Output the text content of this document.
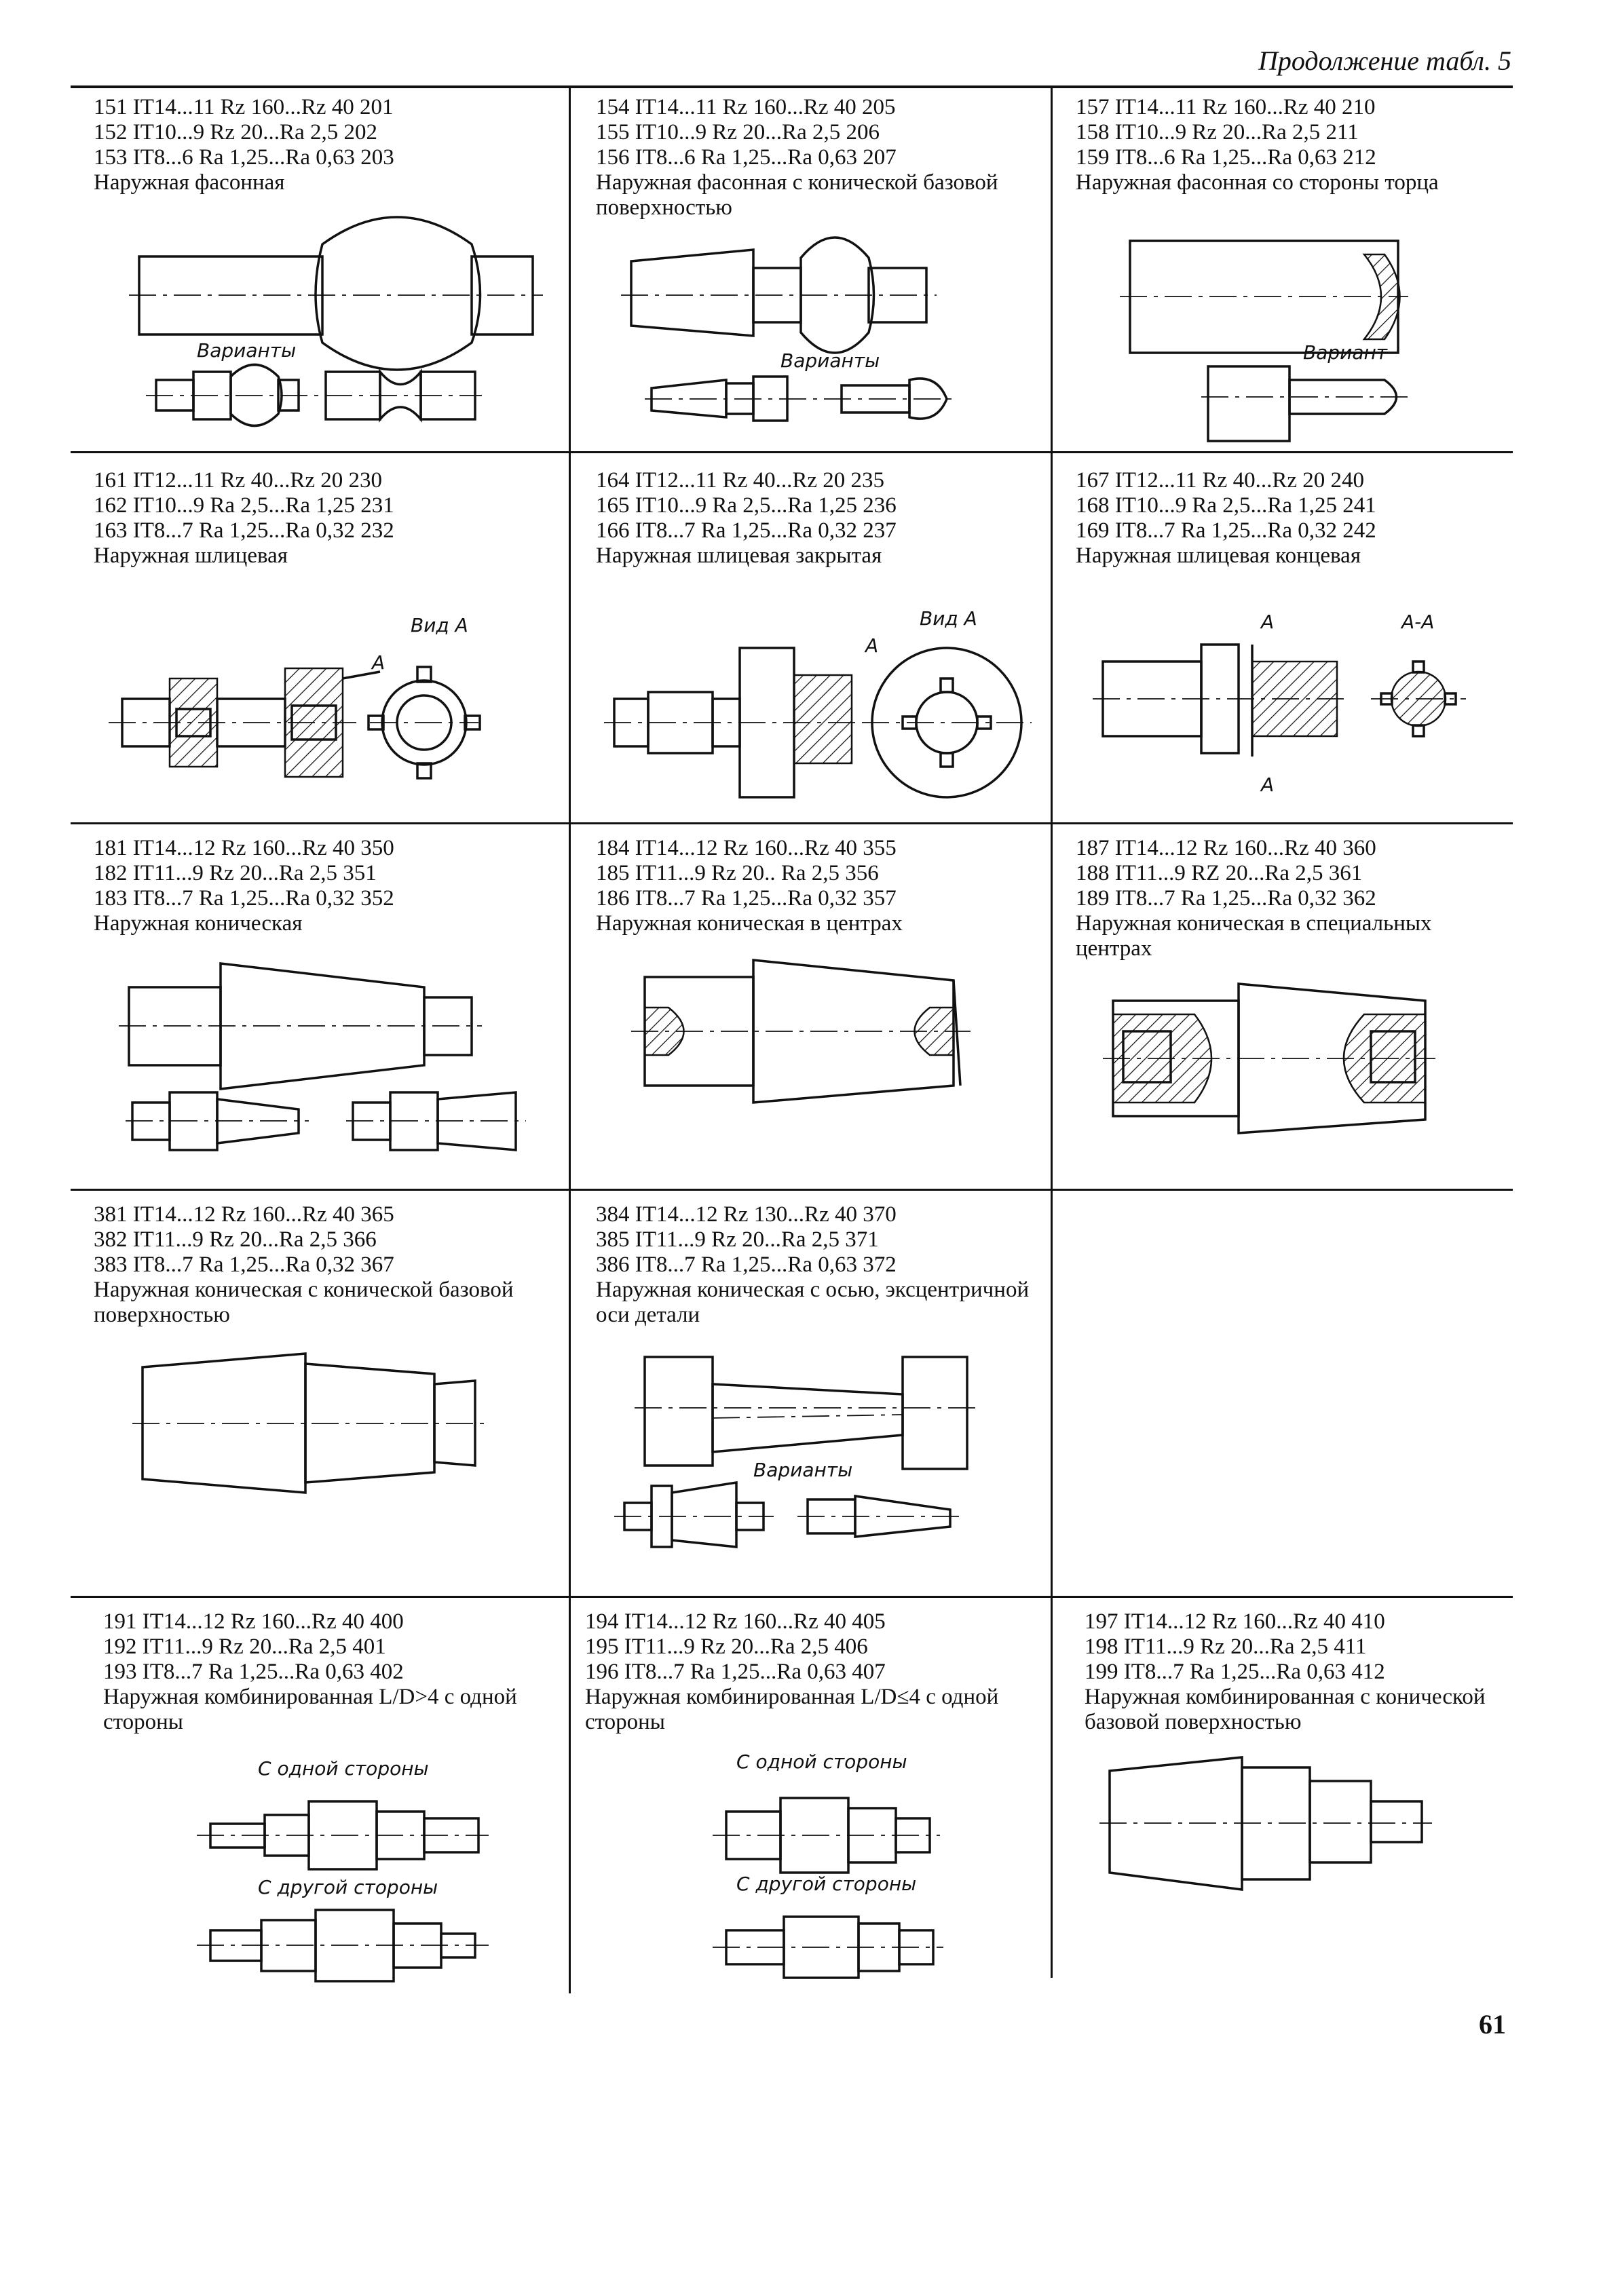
Продолжение табл. 5
151 IT14...11 Rz 160...Rz 40 201
152 IT10...9 Rz 20...Ra 2,5 202
153 IT8...6 Ra 1,25...Ra 0,63 203
Наружная фасонная
Варианты
154 IT14...11 Rz 160...Rz 40 205
155 IT10...9 Rz 20...Ra 2,5 206
156 IT8...6 Ra 1,25...Ra 0,63 207
Наружная фасонная с конической базовой поверхностью
Варианты
157 IT14...11 Rz 160...Rz 40 210
158 IT10...9 Rz 20...Ra 2,5 211
159 IT8...6 Ra 1,25...Ra 0,63 212
Наружная фасонная со стороны торца
Вариант
161 IT12...11 Rz 40...Rz 20 230
162 IT10...9 Ra 2,5...Ra 1,25 231
163 IT8...7 Ra 1,25...Ra 0,32 232
Наружная шлицевая
Вид А
А
164 IT12...11 Rz 40...Rz 20 235
165 IT10...9 Ra 2,5...Ra 1,25 236
166 IT8...7 Ra 1,25...Ra 0,32 237
Наружная шлицевая закрытая
Вид А
А
167 IT12...11 Rz 40...Rz 20 240
168 IT10...9 Ra 2,5...Ra 1,25 241
169 IT8...7 Ra 1,25...Ra 0,32 242
Наружная шлицевая концевая
А	А-А
А
181 IT14...12 Rz 160...Rz 40 350
182 IT11...9 Rz 20...Ra 2,5 351
183 IT8...7 Ra 1,25...Ra 0,32 352
Наружная коническая
184 IT14...12 Rz 160...Rz 40 355
185 IT11...9 Rz 20.. Ra 2,5 356
186 IT8...7 Ra 1,25...Ra 0,32 357
Наружная коническая в центрах
187 IT14...12 Rz 160...Rz 40 360
188 IT11...9 RZ 20...Ra 2,5 361
189 IT8...7 Ra 1,25...Ra 0,32 362
Наружная коническая в специальных центрах
381 IT14...12 Rz 160...Rz 40 365
382 IT11...9 Rz 20...Ra 2,5 366
383 IT8...7 Ra 1,25...Ra 0,32 367
Наружная коническая с конической базовой поверхностью
384 IT14...12 Rz 130...Rz 40 370
385 IT11...9 Rz 20...Ra 2,5 371
386 IT8...7 Ra 1,25...Ra 0,63 372
Наружная коническая с осью, эксцентричной оси детали
Варианты
191 IT14...12 Rz 160...Rz 40 400
192 IT11...9 Rz 20...Ra 2,5 401
193 IT8...7 Ra 1,25...Ra 0,63 402
Наружная комбинированная L/D>4 с одной стороны
С одной стороны
С другой стороны
194 IT14...12 Rz 160...Rz 40 405
195 IT11...9 Rz 20...Ra 2,5 406
196 IT8...7 Ra 1,25...Ra 0,63 407
Наружная комбинированная L/D≤4 с одной стороны
С одной стороны
С другой стороны
197 IT14...12 Rz 160...Rz 40 410
198 IT11...9 Rz 20...Ra 2,5 411
199 IT8...7 Ra 1,25...Ra 0,63 412
Наружная комбинированная с конической базовой поверхностью
61
